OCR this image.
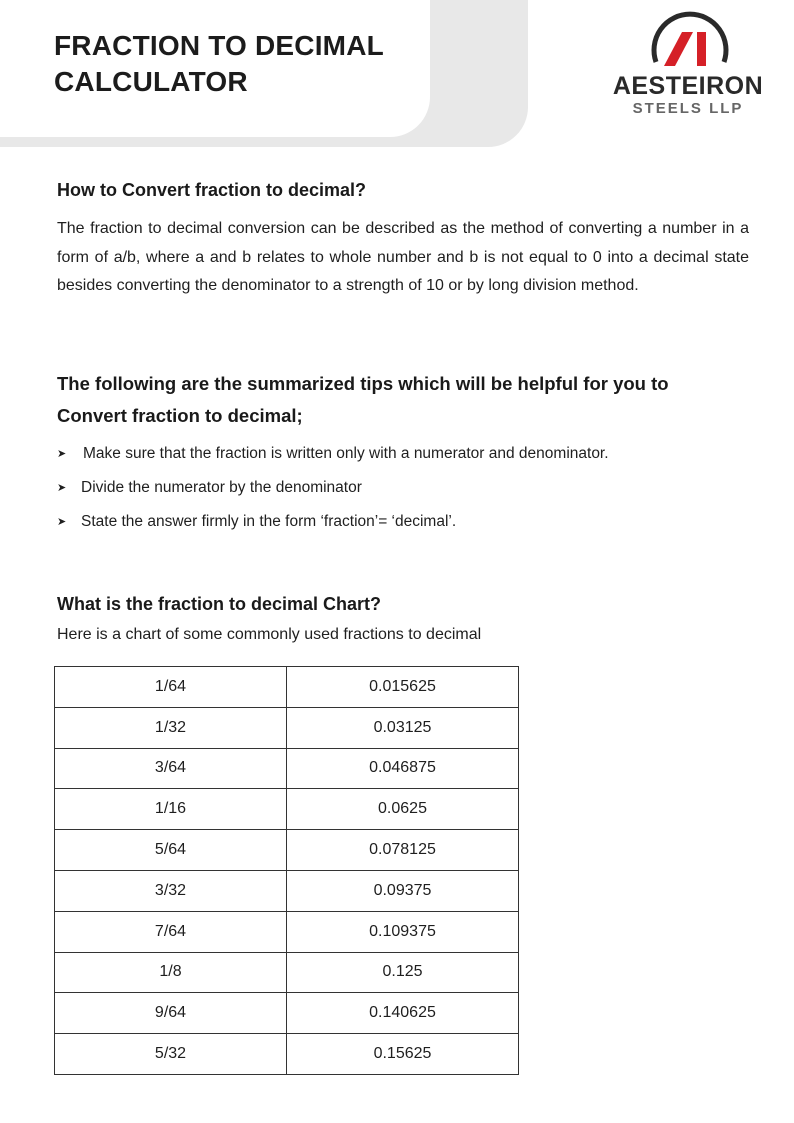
FRACTION TO DECIMAL CALCULATOR	AESTEIRON
STEELS LLP
How to Convert fraction to decimal?

The fraction to decimal conversion can be described as the method of converting a number in a form of a/b, where a and b relates to whole number and b is not equal to 0 into a decimal state besides converting the denominator to a strength of 10 or by long division method.

The following are the summarized tips which will be helpful for you to Convert fraction to decimal;
➤ Make sure that the fraction is written only with a numerator and denominator.
➤ Divide the numerator by the denominator
➤ State the answer firmly in the form ‘fraction’= ‘decimal’.
What is the fraction to decimal Chart?

Here is a chart of some commonly used fractions to decimal

1/64	0.015625
1/32	0.03125
3/64	0.046875
1/16	0.0625
5/64	0.078125
3/32	0.09375
7/64	0.109375
1/8	0.125
9/64	0.140625
5/32	0.15625
